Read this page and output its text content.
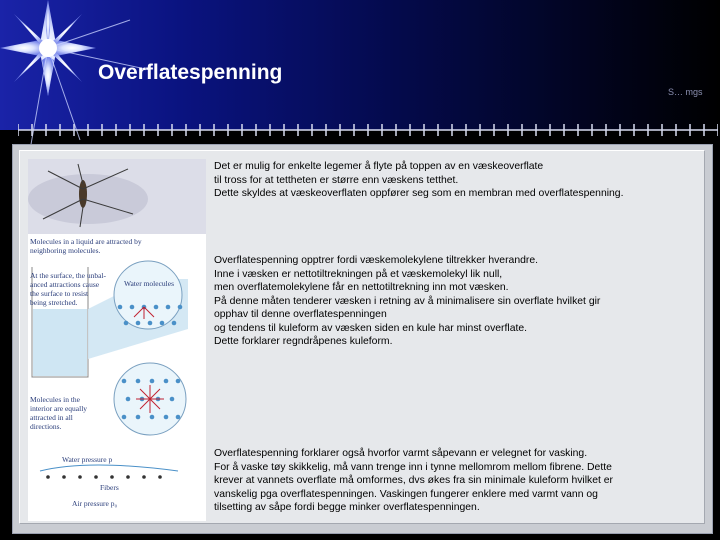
Overflatespenning
S… mgs
Molecules in a liquid are attracted by
neighboring molecules.
At the surface, the unbal-
anced attractions cause
the surface to resist
being stretched.
Water molecules
Molecules in the
interior are equally
attracted in all
directions.
Water pressure p
Fibers
Air pressure p₀

Det er mulig for enkelte legemer å flyte på toppen av en væskeoverflate
til tross for at tettheten er større enn væskens tetthet.
Dette skyldes at væskeoverflaten oppfører seg som en membran med overflatespenning.

Overflatespenning opptrer fordi væskemolekylene tiltrekker hverandre.
Inne i væsken er nettotiltrekningen på et væskemolekyl lik null,
men overflatemolekylene får en nettotiltrekning inn mot væsken.
På denne måten tenderer væsken i retning av å minimalisere sin overflate hvilket gir
opphav til denne overflatespenningen
og tendens til kuleform av væsken siden en kule har minst overflate.
Dette forklarer regndråpenes kuleform.

Overflatespenning forklarer også hvorfor varmt såpevann er velegnet for vasking.
For å vaske tøy skikkelig, må vann trenge inn i tynne mellomrom mellom fibrene. Dette
krever at vannets overflate må omformes, dvs økes fra sin minimale kuleform hvilket er
vanskelig pga overflatespenningen. Vaskingen fungerer enklere med varmt vann og
tilsetting av såpe fordi begge minker overflatespenningen.
